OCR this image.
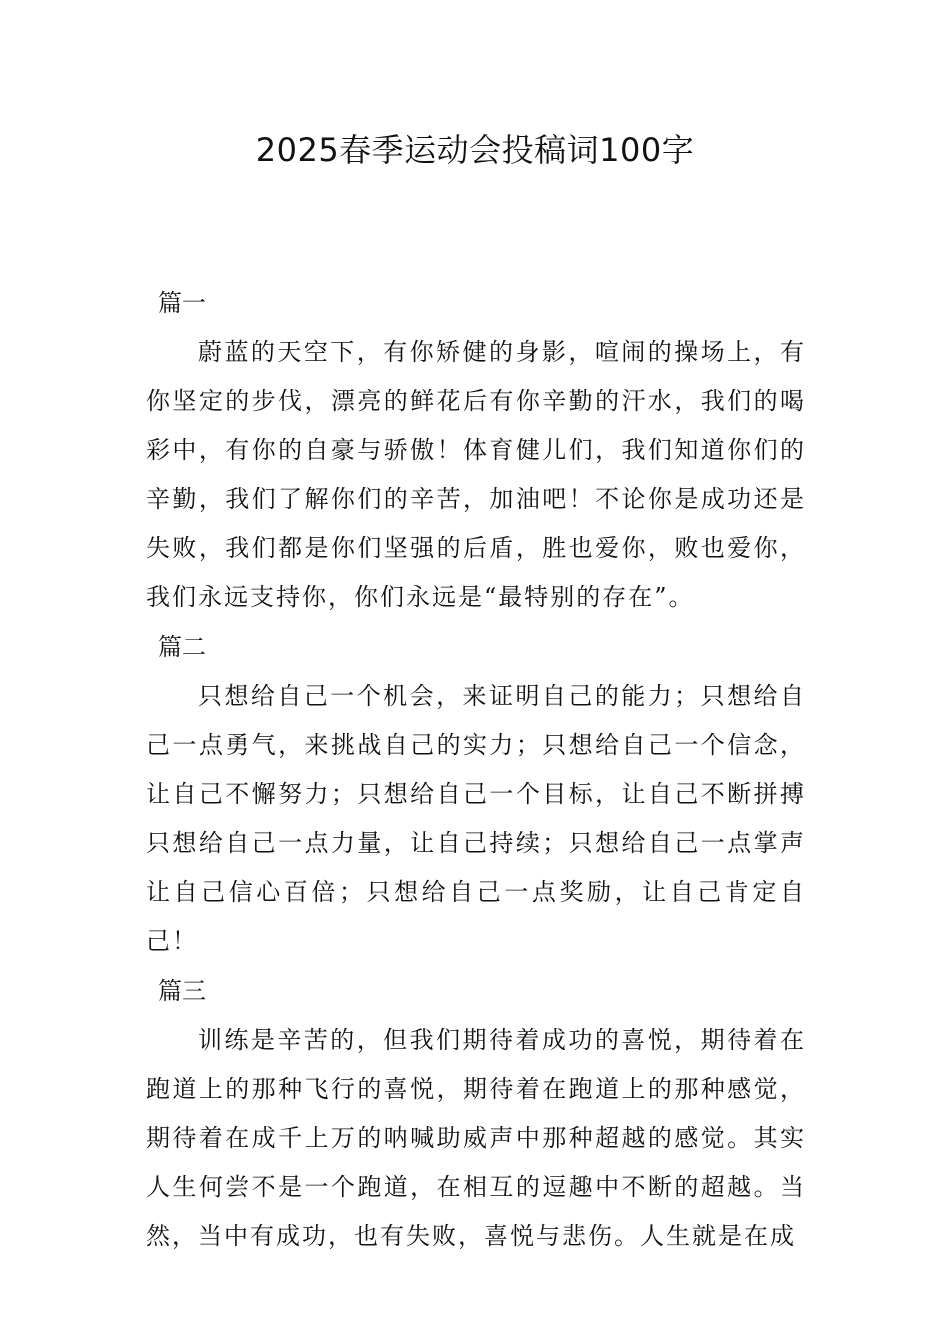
2025春季运动会投稿词100字
篇一

蔚蓝的天空下，有你矫健的身影，喧闹的操场上，有你坚定的步伐，漂亮的鲜花后有你辛勤的汗水，我们的喝彩中，有你的自豪与骄傲！体育健儿们，我们知道你们的辛勤，我们了解你们的辛苦，加油吧！不论你是成功还是失败，我们都是你们坚强的后盾，胜也爱你，败也爱你，我们永远支持你，你们永远是“最特别的存在”。

篇二

只想给自己一个机会，来证明自己的能力；只想给自己一点勇气，来挑战自己的实力；只想给自己一个信念，让自己不懈努力；只想给自己一个目标，让自己不断拼搏只想给自己一点力量，让自己持续；只想给自己一点掌声让自己信心百倍；只想给自己一点奖励，让自己肯定自己！

篇三

训练是辛苦的，但我们期待着成功的喜悦，期待着在跑道上的那种飞行的喜悦，期待着在跑道上的那种感觉，期待着在成千上万的呐喊助威声中那种超越的感觉。其实人生何尝不是一个跑道，在相互的逗趣中不断的超越。当然，当中有成功，也有失败，喜悦与悲伤。人生就是在成
